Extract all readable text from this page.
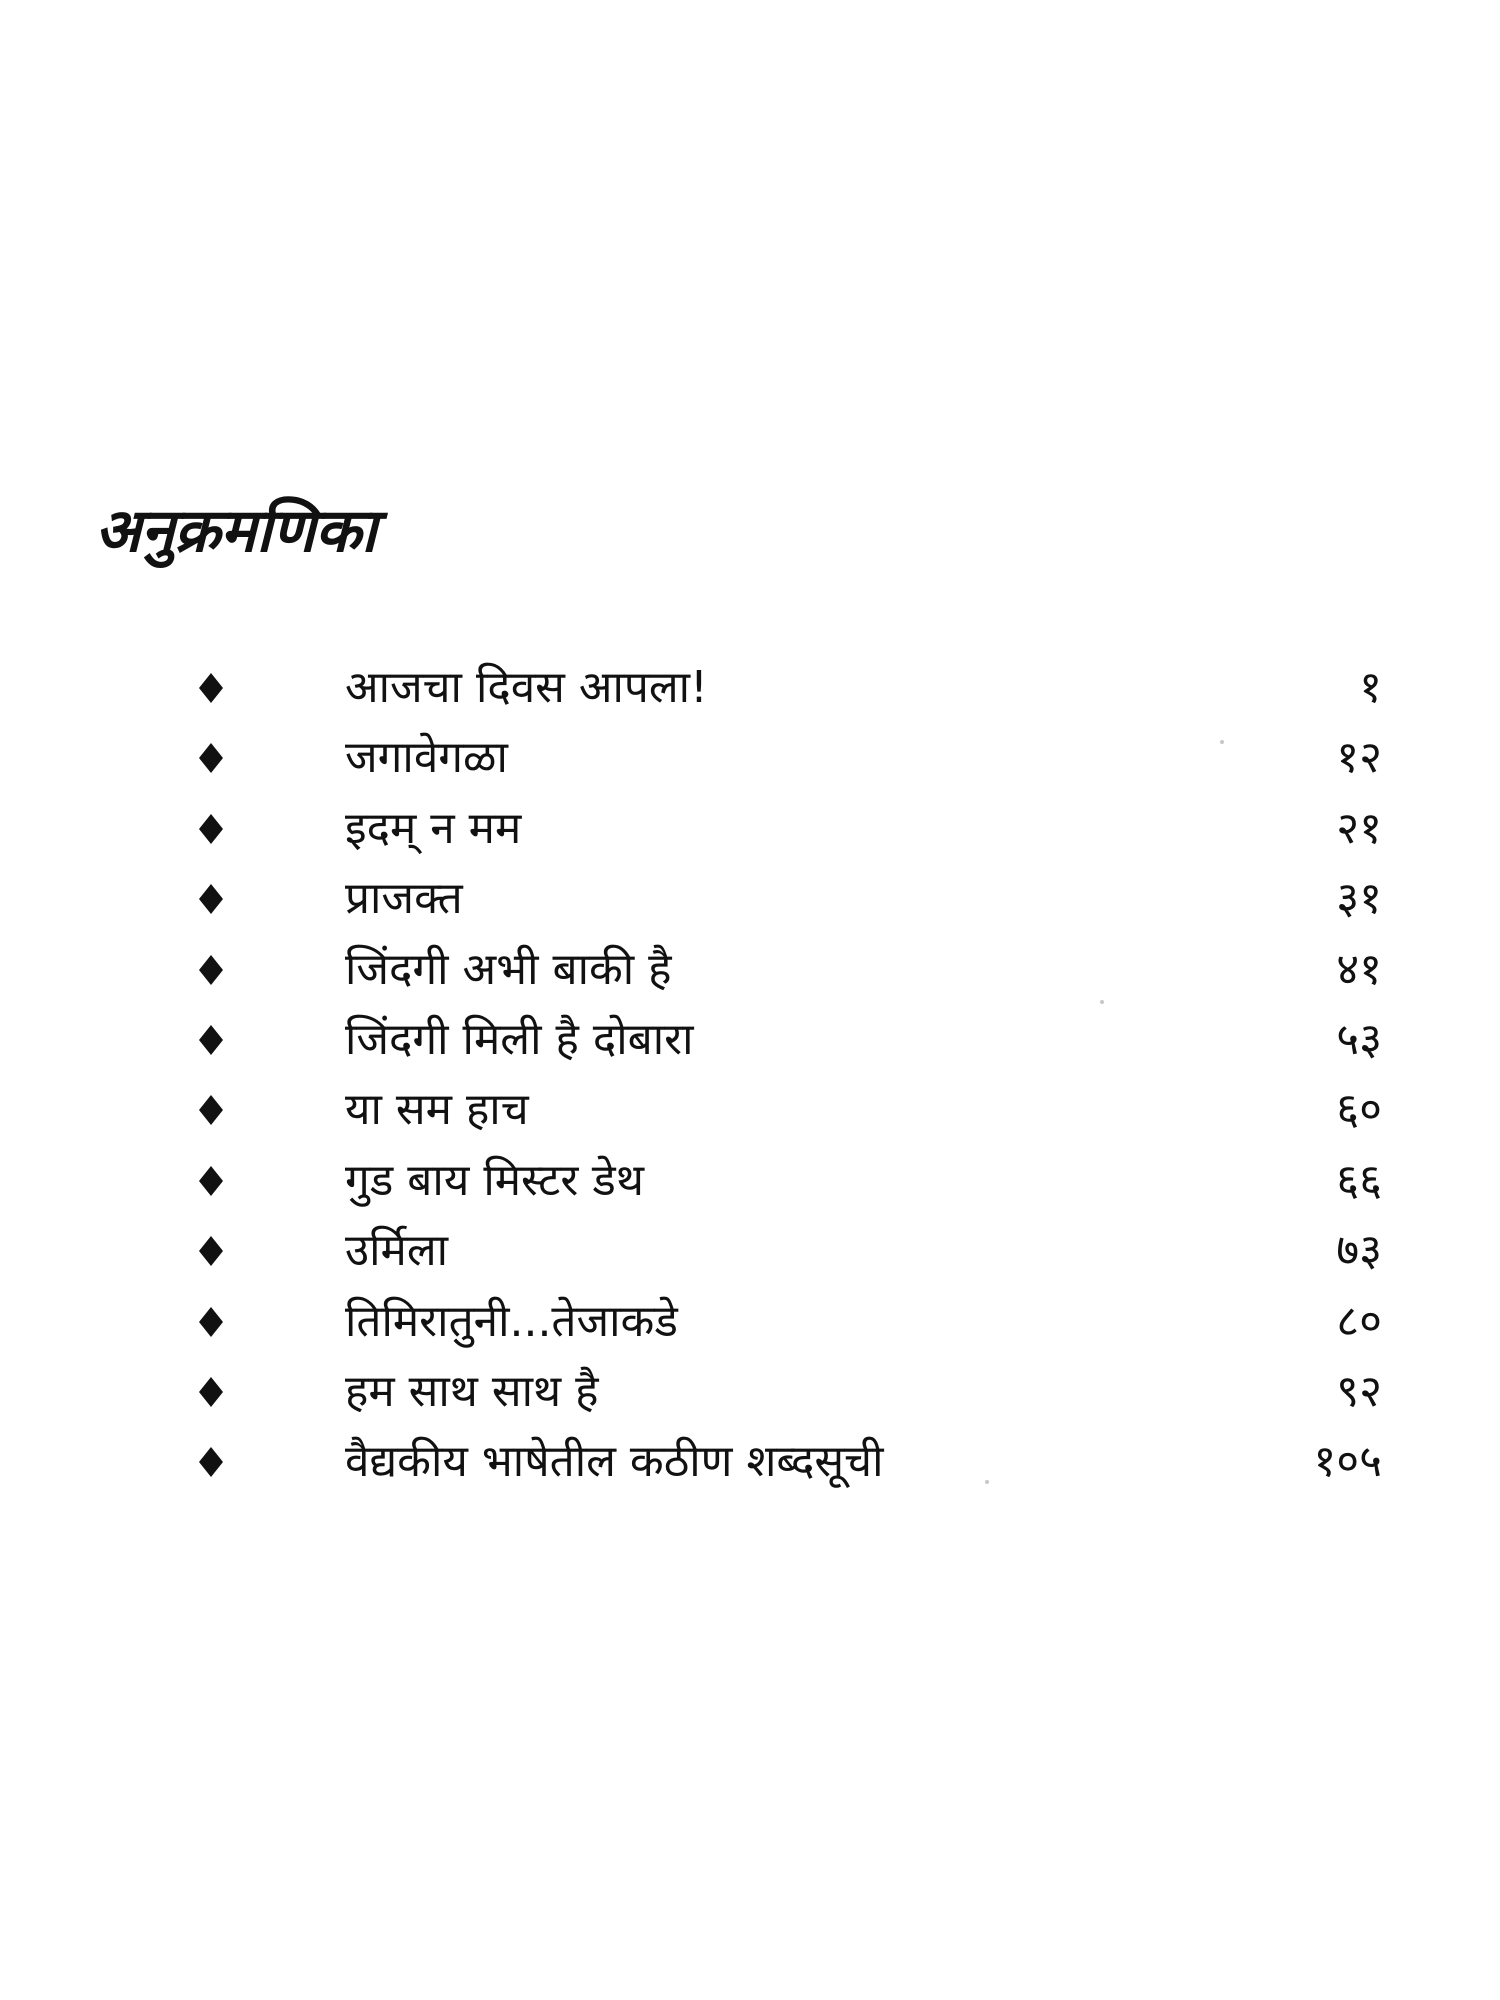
अनुक्रमणिका
आजचा दिवस आपला!	१
जगावेगळा	१२
इदम् न मम	२१
प्राजक्त	३१
जिंदगी अभी बाकी है	४१
जिंदगी मिली है दोबारा	५३
या सम हाच	६०
गुड बाय मिस्टर डेथ	६६
उर्मिला	७३
तिमिरातुनी...तेजाकडे	८०
हम साथ साथ है	९२
वैद्यकीय भाषेतील कठीण शब्दसूची	१०५
